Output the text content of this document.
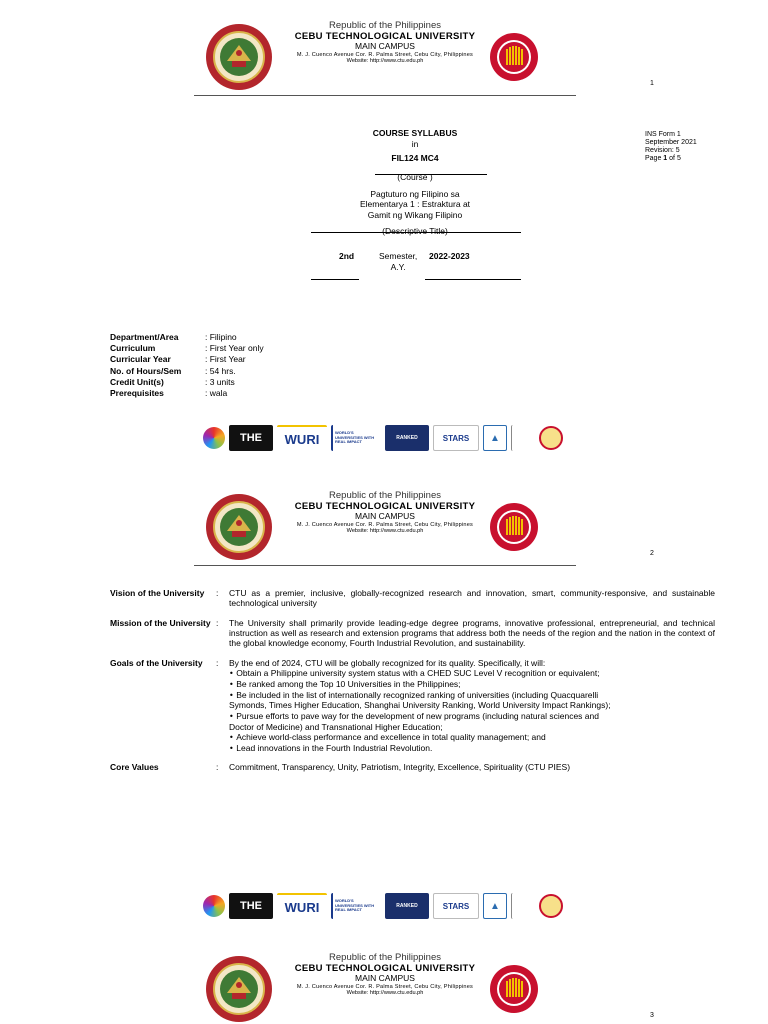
Republic of the Philippines
CEBU TECHNOLOGICAL UNIVERSITY
MAIN CAMPUS
M. J. Cuenco Avenue Cor. R. Palma Street, Cebu City, Philippines
Website: http://www.ctu.edu.ph
1
INS Form 1
September 2021
Revision: 5
Page 1 of 5
COURSE SYLLABUS
in
FIL124 MC4
(Course )
Pagtuturo ng Filipino sa
Elementarya 1 : Estraktura at
Gamit ng Wikang Filipino
(Descriptive Title)
2nd	Semester,
A.Y.
2022-2023
Department/Area	: Filipino
Curriculum	: First Year only
Curricular Year	: First Year
No. of Hours/Sem	: 54 hrs.
Credit Unit(s)	: 3 units
Prerequisites	: wala
THE WURI	WORLD'S UNIVERSITIES WITH REAL IMPACT
RANKED	STARS	▲
Republic of the Philippines
CEBU TECHNOLOGICAL UNIVERSITY
MAIN CAMPUS
M. J. Cuenco Avenue Cor. R. Palma Street, Cebu City, Philippines
Website: http://www.ctu.edu.ph
2
Vision of the University	:	CTU as a premier, inclusive, globally-recognized research and innovation, smart, community-responsive, and sustainable technological university
Mission of the University :	The University shall primarily provide leading-edge degree programs, innovative professional, entrepreneurial, and technical instruction as well as research and extension programs that address both the needs of the region and the nation in the context of the global knowledge economy, Fourth Industrial Revolution, and sustainability.
Goals of the University	:	By the end of 2024, CTU will be globally recognized for its quality. Specifically, it will:
• Obtain a Philippine university system status with a CHED SUC Level V recognition or equivalent;
• Be ranked among the Top 10 Universities in the Philippines;
• Be included in the list of internationally recognized ranking of universities (including Quacquarelli Symonds, Times Higher Education, Shanghai University Ranking, World University Impact Rankings);
• Pursue efforts to pave way for the development of new programs (including natural sciences and Doctor of Medicine) and Transnational Higher Education;
• Achieve world-class performance and excellence in total quality management; and
• Lead innovations in the Fourth Industrial Revolution.
Core Values	:	Commitment, Transparency, Unity, Patriotism, Integrity, Excellence, Spirituality (CTU PIES)
THE WURI	WORLD'S UNIVERSITIES WITH REAL IMPACT
RANKED	STARS	▲
Republic of the Philippines
CEBU TECHNOLOGICAL UNIVERSITY
MAIN CAMPUS
M. J. Cuenco Avenue Cor. R. Palma Street, Cebu City, Philippines
Website: http://www.ctu.edu.ph
3
